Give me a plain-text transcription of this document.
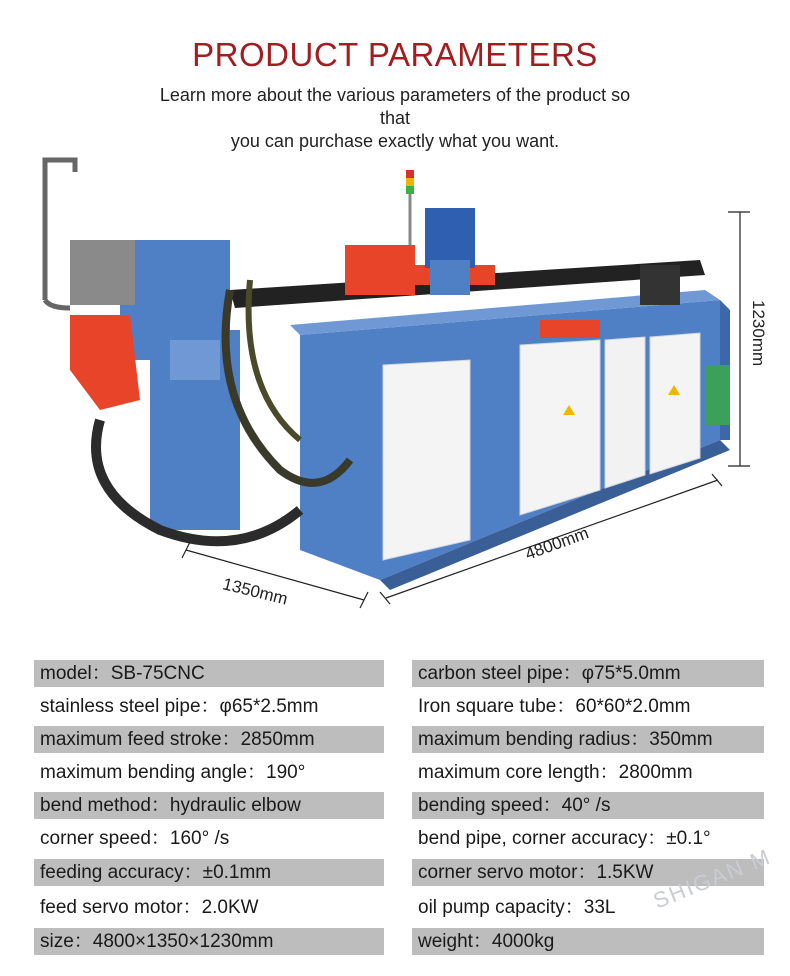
PRODUCT PARAMETERS
Learn more about the various parameters of the product so that
you can purchase exactly what you want.
1230mm
4800mm
1350mm
model：SB-75CNC
stainless steel pipe：φ65*2.5mm
maximum feed stroke：2850mm
maximum bending angle：190°
bend method：hydraulic elbow
corner speed：160° /s
feeding accuracy：±0.1mm
feed servo motor：2.0KW
size：4800×1350×1230mm
carbon steel pipe：φ75*5.0mm
Iron square tube：60*60*2.0mm
maximum bending radius：350mm
maximum core length：2800mm
bending speed：40° /s
bend pipe, corner accuracy：±0.1°
corner servo motor：1.5KW
oil pump capacity：33L
weight：4000kg
SHIGAN M
